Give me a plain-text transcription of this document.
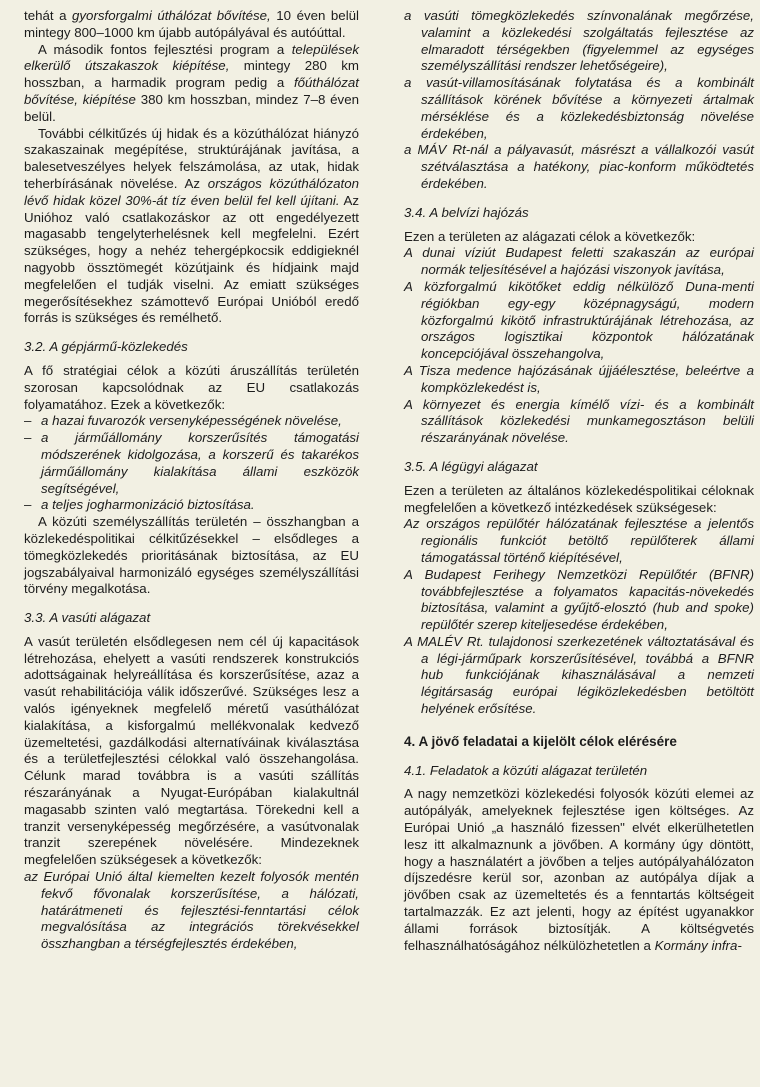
tehát a gyorsforgalmi úthálózat bővítése, 10 éven belül mintegy 800–1000 km újabb autópályával és autóúttal.

A második fontos fejlesztési program a települések elkerülő útszakaszok kiépítése, mintegy 280 km hosszban, a harmadik program pedig a főúthálózat bővítése, kiépítése 380 km hosszban, mindez 7–8 éven belül.

További célkitűzés új hidak és a közúthálózat hiányzó szakaszainak megépítése, struktúrájának javítása, a balesetveszélyes helyek felszámolása, az utak, hidak teherbírásának növelése. Az országos közúthálózaton lévő hidak közel 30%-át tíz éven belül fel kell újítani. Az Unióhoz való csatlakozáskor az ott engedélyezett magasabb tengelyterhelésnek kell megfelelni. Ezért szükséges, hogy a nehéz tehergépkocsik eddigieknél nagyobb össztömegét közútjaink és hídjaink majd megfelelően el tudják viselni. Az emiatt szükséges megerősítésekhez számottevő Európai Unióból eredő forrás is szükséges és remélhető.

3.2. A gépjármű-közlekedés

A fő stratégiai célok a közúti áruszállítás területén szorosan kapcsolódnak az EU csatlakozás folyamatához. Ezek a következők:

– a hazai fuvarozók versenyképességének növelése,

– a járműállomány korszerűsítés támogatási módszerének kidolgozása, a korszerű és takarékos járműállomány kialakítása állami eszközök segítségével,

– a teljes jogharmonizáció biztosítása.

A közúti személyszállítás területén – összhangban a közlekedéspolitikai célkitűzésekkel – elsődleges a tömegközlekedés prioritásának biztosítása, az EU jogszabályaival harmonizáló egységes személyszállítási törvény megalkotása.

3.3. A vasúti alágazat

A vasút területén elsődlegesen nem cél új kapacitások létrehozása, ehelyett a vasúti rendszerek konstrukciós adottságainak helyreállítása és korszerűsítése, azaz a vasút rehabilitációja válik időszerűvé. Szükséges lesz a valós igényeknek megfelelő méretű vasúthálózat kialakítása, a kisforgalmú mellékvonalak kedvező üzemeltetési, gazdálkodási alternatíváinak kiválasztása és a területfejlesztési célokkal való összehangolása. Célunk marad továbbra is a vasúti szállítás részarányának a Nyugat-Európában kialakultnál magasabb szinten való megtartása. Törekedni kell a tranzit versenyképesség megőrzésére, a vasútvonalak tranzit szerepének növelésére. Mindezeknek megfelelően szükségesek a következők:

az Európai Unió által kiemelten kezelt folyosók mentén fekvő fővonalak korszerűsítése, a hálózati, határátmeneti és fejlesztési-fenntartási célok megvalósítása az integrációs törekvésekkel összhangban a térségfejlesztés érdekében,

a vasúti tömegközlekedés színvonalának megőrzése, valamint a közlekedési szolgáltatás fejlesztése az elmaradott térségekben (figyelemmel az egységes személyszállítási rendszer lehetőségeire),

a vasút-villamosításának folytatása és a kombinált szállítások körének bővítése a környezeti ártalmak mérséklése és a közlekedésbiztonság növelése érdekében,

a MÁV Rt-nál a pályavasút, másrészt a vállalkozói vasút szétválasztása a hatékony, piac-konform működtetés érdekében.

3.4. A belvízi hajózás

Ezen a területen az alágazati célok a következők:

A dunai víziút Budapest feletti szakaszán az európai normák teljesítésével a hajózási viszonyok javítása,

A közforgalmú kikötőket eddig nélkülöző Duna-menti régiókban egy-egy középnagyságú, modern közforgalmú kikötő infrastruktúrájának létrehozása, az országos logisztikai központok hálózatának koncepciójával összehangolva,

A Tisza medence hajózásának újjáélesztése, beleértve a kompközlekedést is,

A környezet és energia kímélő vízi- és a kombinált szállítások közlekedési munkamegosztáson belüli részarányának növelése.

3.5. A légügyi alágazat

Ezen a területen az általános közlekedéspolitikai céloknak megfelelően a következő intézkedések szükségesek:

Az országos repülőtér hálózatának fejlesztése a jelentős regionális funkciót betöltő repülőterek állami támogatással történő kiépítésével,

A Budapest Ferihegy Nemzetközi Repülőtér (BFNR) továbbfejlesztése a folyamatos kapacitás-növekedés biztosítása, valamint a gyűjtő-elosztó (hub and spoke) repülőtér szerep kiteljesedése érdekében,

A MALÉV Rt. tulajdonosi szerkezetének változtatásával és a légi-járműpark korszerűsítésével, továbbá a BFNR hub funkciójának kihasználásával a nemzeti légitársaság európai légiközlekedésben betöltött helyének erősítése.

4. A jövő feladatai a kijelölt célok elérésére
4.1. Feladatok a közúti alágazat területén

A nagy nemzetközi közlekedési folyosók közúti elemei az autópályák, amelyeknek fejlesztése igen költséges. Az Európai Unió „a használó fizessen" elvét elkerülhetetlen lesz itt alkalmaznunk a jövőben. A kormány úgy döntött, hogy a használatért a jövőben a teljes autópályahálózaton díjszedésre kerül sor, azonban az autópálya díjak a jövőben csak az üzemeltetés és a fenntartás költségeit tartalmazzák. Ez azt jelenti, hogy az építést ugyanakkor állami források biztosítják. A költségvetés felhasználhatóságához nélkülözhetetlen a Kormány infra-
